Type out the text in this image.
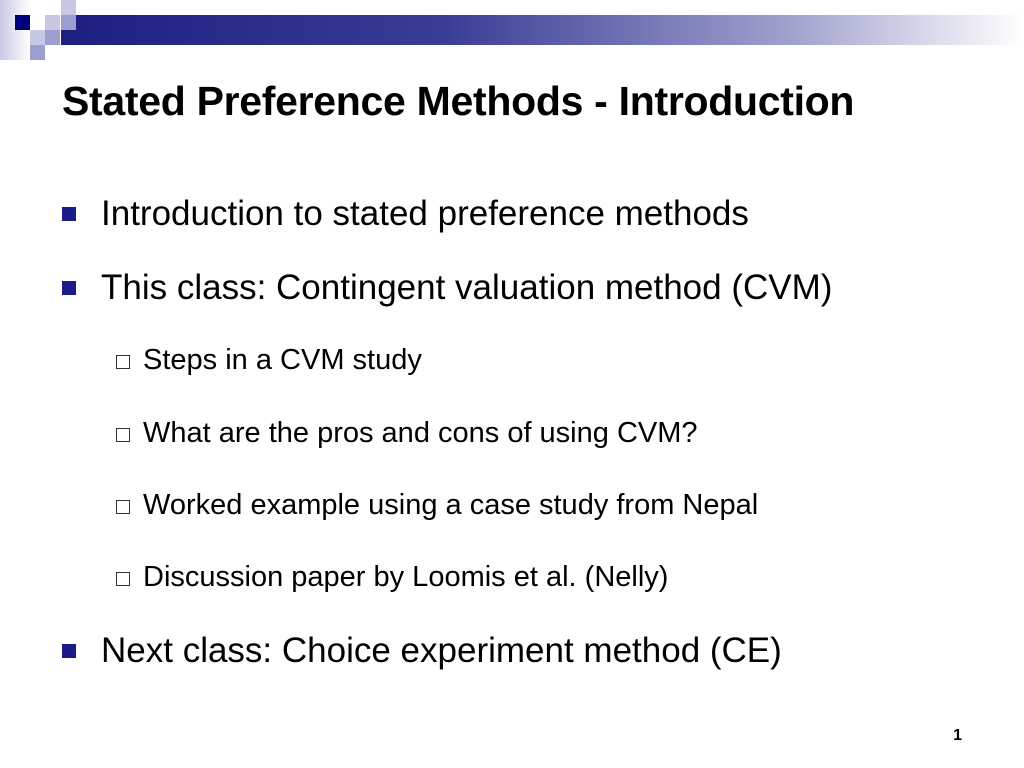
Stated Preference Methods - Introduction
Introduction to stated preference methods
This class: Contingent valuation method (CVM)
Steps in a CVM study
What are the pros and cons of using CVM?
Worked example using a case study from Nepal
Discussion paper by Loomis et al. (Nelly)
Next class: Choice experiment method (CE)
1
